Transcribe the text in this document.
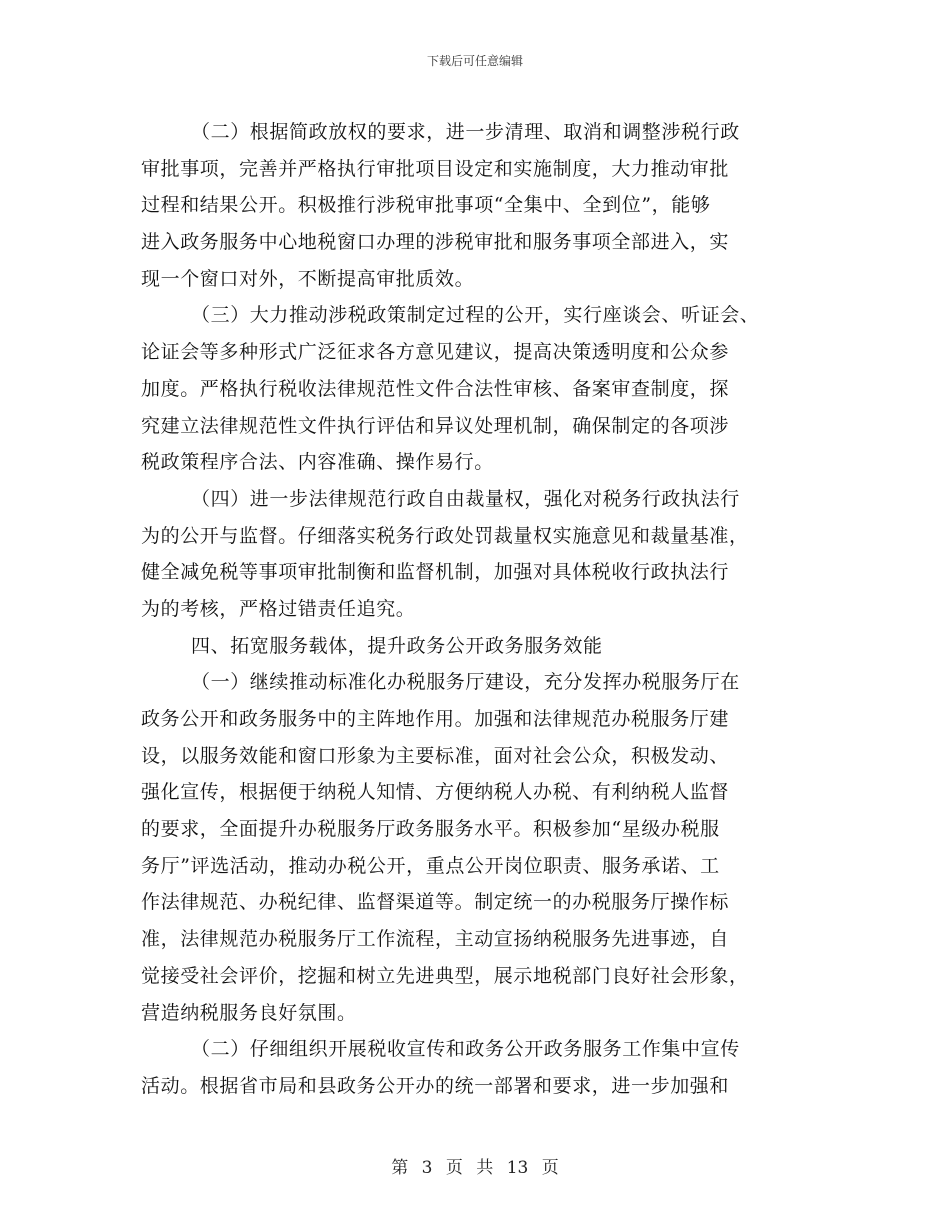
下载后可任意编辑
（二）根据简政放权的要求，进一步清理、取消和调整涉税行政
审批事项，完善并严格执行审批项目设定和实施制度，大力推动审批
过程和结果公开。积极推行涉税审批事项“全集中、全到位”，能够
进入政务服务中心地税窗口办理的涉税审批和服务事项全部进入，实
现一个窗口对外，不断提高审批质效。
（三）大力推动涉税政策制定过程的公开，实行座谈会、听证会、
论证会等多种形式广泛征求各方意见建议，提高决策透明度和公众参
加度。严格执行税收法律规范性文件合法性审核、备案审查制度，探
究建立法律规范性文件执行评估和异议处理机制，确保制定的各项涉
税政策程序合法、内容准确、操作易行。
（四）进一步法律规范行政自由裁量权，强化对税务行政执法行
为的公开与监督。仔细落实税务行政处罚裁量权实施意见和裁量基准，
健全减免税等事项审批制衡和监督机制，加强对具体税收行政执法行
为的考核，严格过错责任追究。
四、拓宽服务载体，提升政务公开政务服务效能
（一）继续推动标准化办税服务厅建设，充分发挥办税服务厅在
政务公开和政务服务中的主阵地作用。加强和法律规范办税服务厅建
设，以服务效能和窗口形象为主要标准，面对社会公众，积极发动、
强化宣传，根据便于纳税人知情、方便纳税人办税、有利纳税人监督
的要求，全面提升办税服务厅政务服务水平。积极参加“星级办税服
务厅”评选活动，推动办税公开，重点公开岗位职责、服务承诺、工
作法律规范、办税纪律、监督渠道等。制定统一的办税服务厅操作标
准，法律规范办税服务厅工作流程，主动宣扬纳税服务先进事迹，自
觉接受社会评价，挖掘和树立先进典型，展示地税部门良好社会形象，
营造纳税服务良好氛围。
（二）仔细组织开展税收宣传和政务公开政务服务工作集中宣传
活动。根据省市局和县政务公开办的统一部署和要求，进一步加强和
第 3 页 共 13 页
